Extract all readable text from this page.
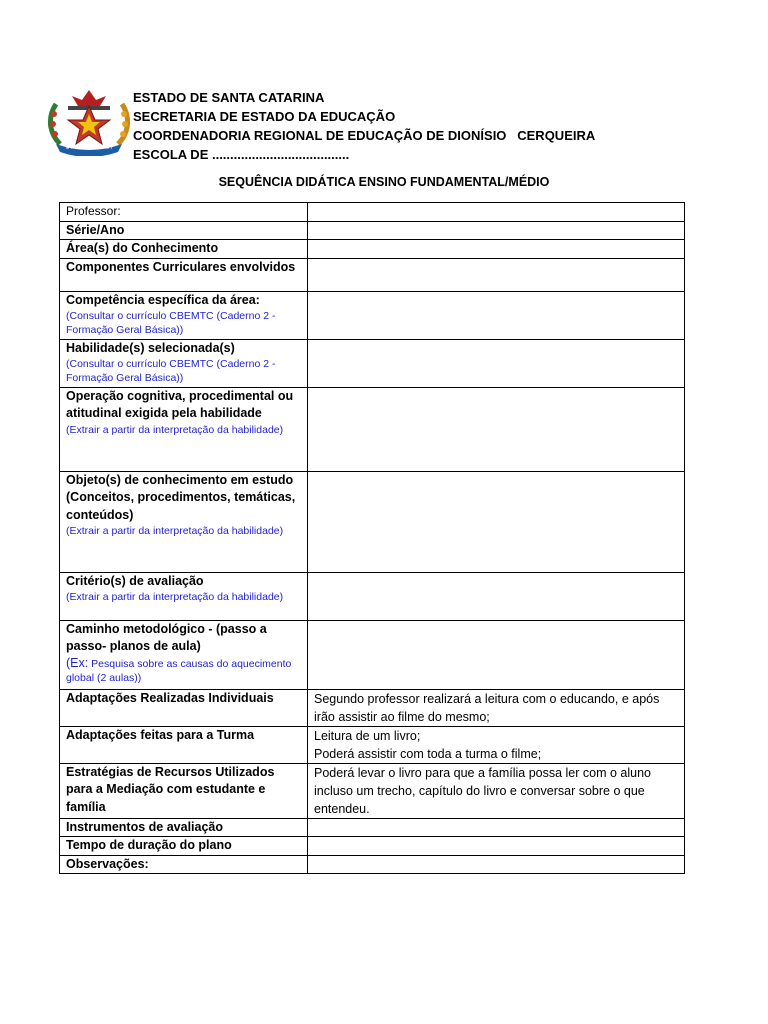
ESTADO DE SANTA CATARINA
SECRETARIA DE ESTADO DA EDUCAÇÃO
COORDENADORIA REGIONAL DE EDUCAÇÃO DE DIONÍSIO   CERQUEIRA
ESCOLA DE ......................................
SEQUÊNCIA DIDÁTICA ENSINO FUNDAMENTAL/MÉDIO
Professor:	
Série/Ano	
Área(s) do Conhecimento	
Componentes Curriculares envolvidos	
Competência específica da área:
(Consultar o currículo CBEMTC (Caderno 2 - Formação Geral Básica))	

Habilidade(s) selecionada(s)
(Consultar o currículo CBEMTC (Caderno 2 - Formação Geral Básica))	

Operação cognitiva, procedimental ou atitudinal exigida pela habilidade
(Extrair a partir da interpretação da habilidade)	

Objeto(s) de conhecimento em estudo (Conceitos, procedimentos, temáticas, conteúdos)
(Extrair a partir da interpretação da habilidade)	

Critério(s) de avaliação
(Extrair a partir da interpretação da habilidade)	

Caminho metodológico - (passo a passo- planos de aula)
(Ex: Pesquisa sobre as causas do aquecimento global (2 aulas))	

Adaptações Realizadas Individuais	Segundo professor realizará a leitura com o educando, e após irão assistir ao filme do mesmo;
Adaptações feitas para a Turma	Leitura de um livro;
Poderá assistir com toda a turma o filme;

Estratégias de Recursos Utilizados para a Mediação com estudante e família	Poderá levar o livro para que a família possa ler com o aluno incluso um trecho, capítulo do livro e conversar sobre o que entendeu.
Instrumentos de avaliação	
Tempo de duração do plano	
Observações:	
